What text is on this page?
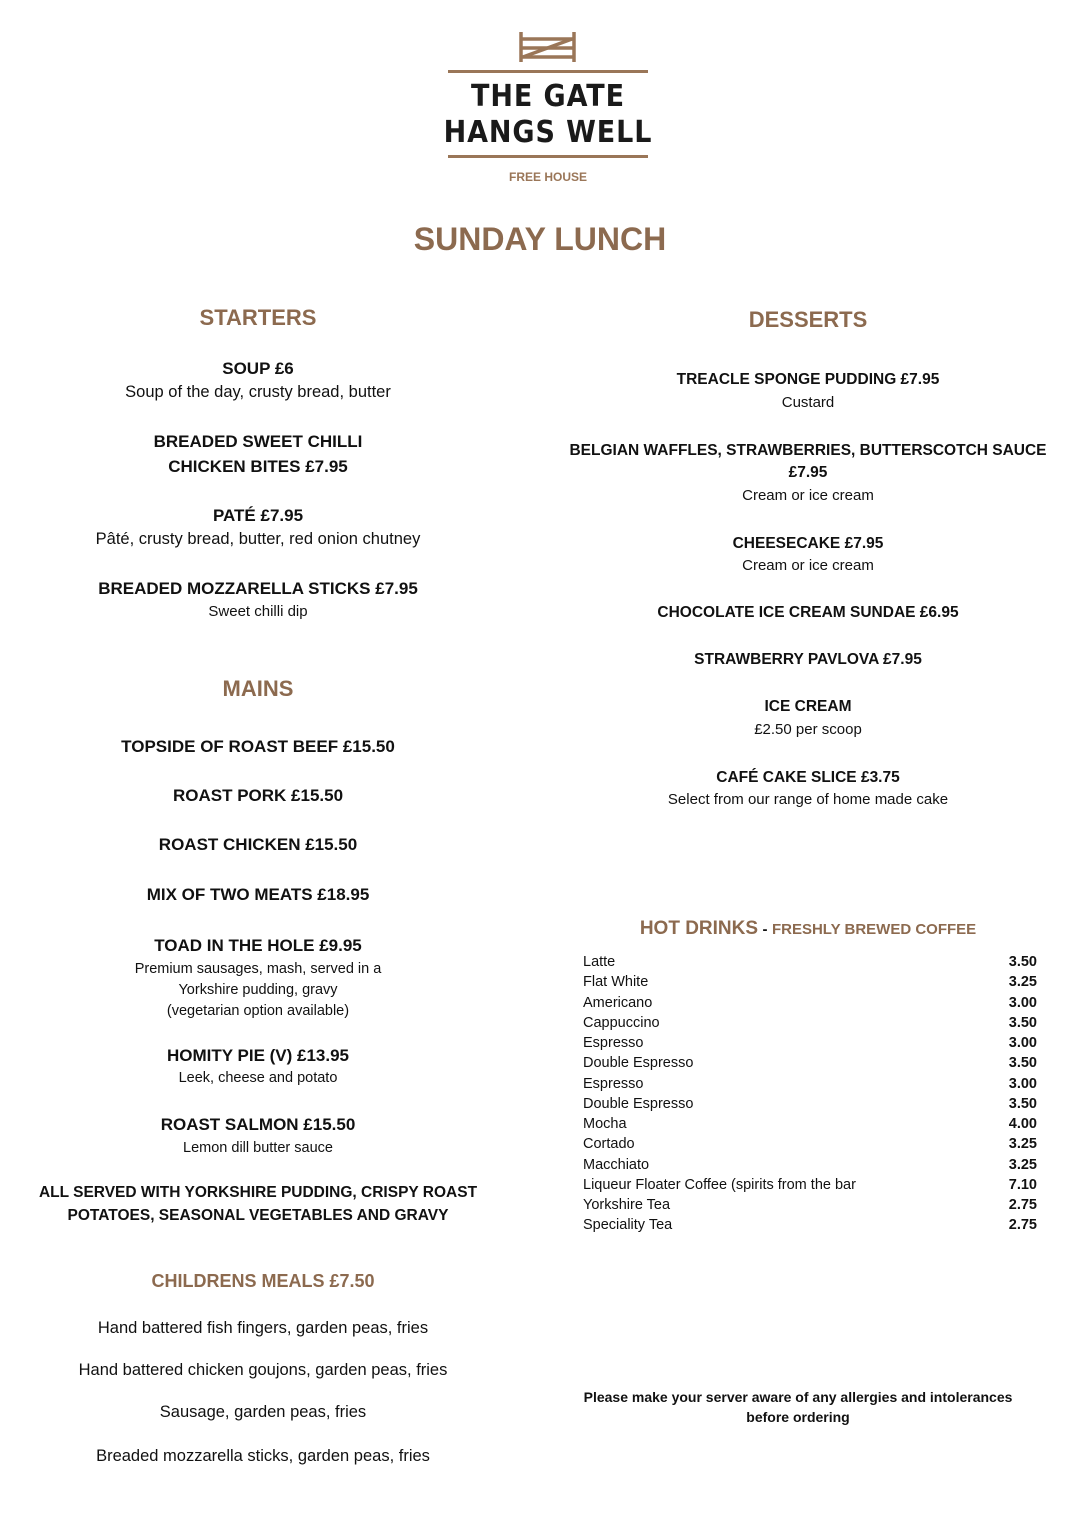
THE GATE
HANGS WELL
FREE HOUSE
SUNDAY LUNCH
STARTERS
SOUP £6
Soup of the day, crusty bread, butter
BREADED SWEET CHILLI
CHICKEN BITES £7.95
PATÉ £7.95
Pâté, crusty bread, butter, red onion chutney
BREADED MOZZARELLA STICKS £7.95
Sweet chilli dip
MAINS
TOPSIDE OF ROAST BEEF £15.50
ROAST PORK £15.50
ROAST CHICKEN £15.50
MIX OF TWO MEATS £18.95
TOAD IN THE HOLE £9.95
Premium sausages, mash, served in a
Yorkshire pudding, gravy
(vegetarian option available)
HOMITY PIE (V) £13.95
Leek, cheese and potato
ROAST SALMON £15.50
Lemon dill butter sauce
ALL SERVED WITH YORKSHIRE PUDDING, CRISPY ROAST
POTATOES, SEASONAL VEGETABLES AND GRAVY
CHILDRENS MEALS £7.50
Hand battered fish fingers, garden peas, fries
Hand battered chicken goujons, garden peas, fries
Sausage, garden peas, fries
Breaded mozzarella sticks, garden peas, fries
DESSERTS
TREACLE SPONGE PUDDING £7.95
Custard
BELGIAN WAFFLES, STRAWBERRIES, BUTTERSCOTCH SAUCE
£7.95
Cream or ice cream
CHEESECAKE £7.95
Cream or ice cream
CHOCOLATE ICE CREAM SUNDAE £6.95
STRAWBERRY PAVLOVA £7.95
ICE CREAM
£2.50 per scoop
CAFÉ CAKE SLICE £3.75
Select from our range of home made cake
HOT DRINKS - FRESHLY BREWED COFFEE
Latte	3.50
Flat White	3.25
Americano	3.00
Cappuccino	3.50
Espresso	3.00
Double Espresso	3.50
Espresso	3.00
Double Espresso	3.50
Mocha	4.00
Cortado	3.25
Macchiato	3.25
Liqueur Floater Coffee (spirits from the bar	7.10
Yorkshire Tea	2.75
Speciality Tea	2.75
Please make your server aware of any allergies and intolerances
before ordering
